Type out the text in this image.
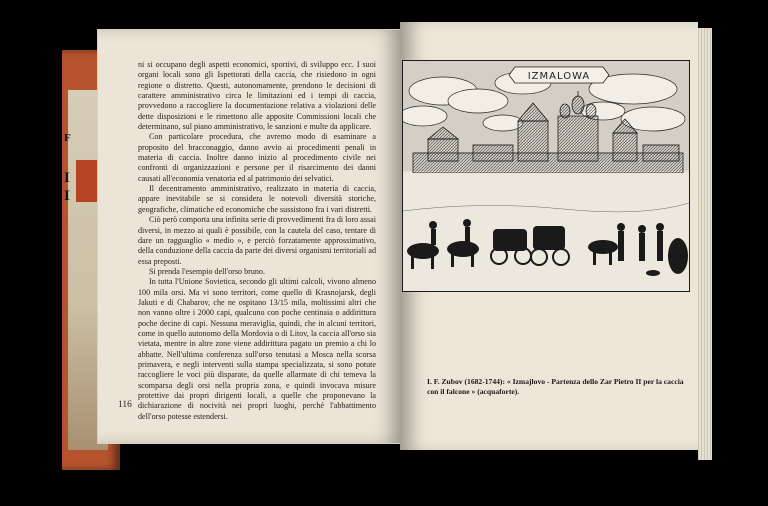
F
I
I

ni si occupano degli aspetti economici, sportivi, di sviluppo ecc. I suoi organi locali sono gli Ispettorati della caccia, che risiedono in ogni regione o distretto. Questi, autonomamente, prendono le decisioni di carattere amministrativo circa le limitazioni ed i tempi di caccia, provvedono a raccogliere la documentazione relativa a violazioni delle dette disposizioni e le rimettono alle apposite Commissioni locali che determinano, sul piano amministrativo, le sanzioni e multe da applicare.

Con particolare procedura, che avremo modo di esaminare a proposito del bracconaggio, danno avvio ai procedimenti penali in materia di caccia. Inoltre danno inizio al procedimento civile nei confronti di organizzazioni e persone per il risarcimento dei danni causati all'economia venatoria ed al patrimonio dei selvatici.

Il decentramento amministrativo, realizzato in materia di caccia, appare inevitabile se si considera le notevoli diversità storiche, geografiche, climatiche ed economiche che sussistono fra i vari distretti.

Ciò però comporta una infinita serie di provvedimenti fra di loro assai diversi, in mezzo ai quali è possibile, con la cautela del caso, tentare di dare un ragguaglio « medio », e perciò forzatamente approssimativo, della conduzione della caccia da parte dei diversi organismi territoriali ad essa preposti.

Si prenda l'esempio dell'orso bruno.

In tutta l'Unione Sovietica, secondo gli ultimi calcoli, vivono almeno 100 mila orsi. Ma vi sono territori, come quello di Krasnojarsk, degli Jakuti e di Chabarov, che ne ospitano 13/15 mila, moltissimi altri che non vanno oltre i 2000 capi, qualcuno con poche centinaia o addirittura poche decine di capi. Nessuna meraviglia, quindi, che in alcuni territori, come in quello autonomo della Mordovia o di Litov, la caccia all'orso sia vietata, mentre in altre zone viene addirittura pagato un premio a chi lo abbatte. Nell'ultima conferenza sull'orso tenutasi a Mosca nella scorsa primavera, e negli interventi sulla stampa specializzata, si sono potute raccogliere le voci più disparate, da quelle allarmate di chi temeva la scomparsa degli orsi nella propria zona, e quindi invocava misure protettive dai propri dirigenti locali, a quelle che proponevano la dichiarazione di nocività nei propri luoghi, perché l'abbattimento dell'orso potesse estendersi.

116
IZMALOWA
I. F. Zubov (1682-1744): « Izmajlovo - Partenza dello Zar Pietro II per la caccia con il falcone » (acquaforte).
